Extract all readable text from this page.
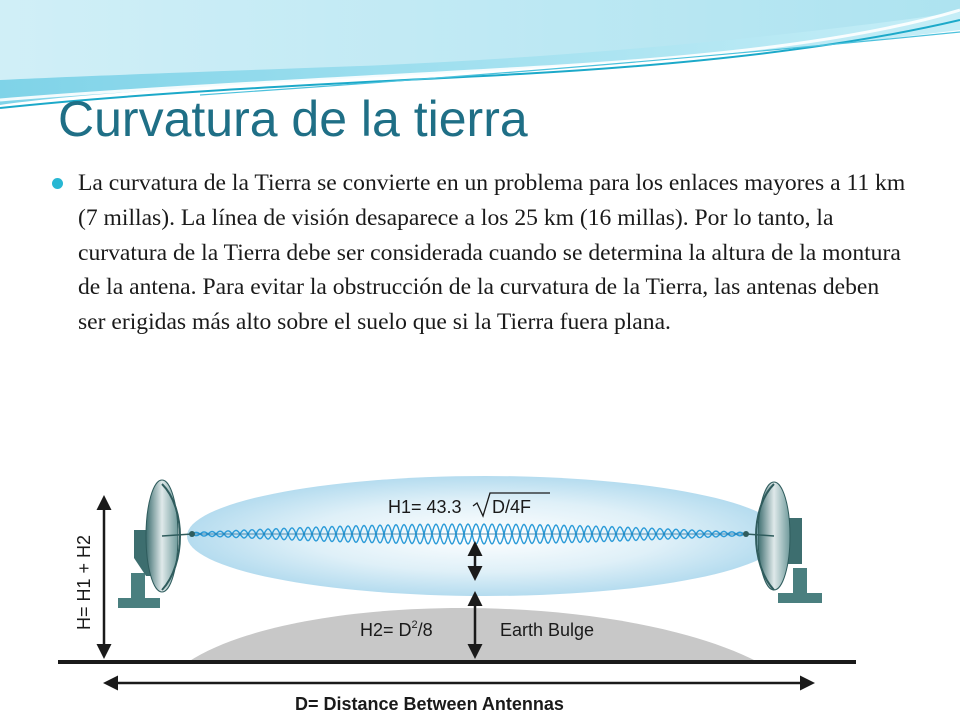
Curvatura de la tierra
La curvatura de la Tierra se convierte en un problema para los enlaces mayores a 11 km (7 millas). La línea de visión desaparece a los 25 km (16 millas). Por lo tanto, la curvatura de la Tierra debe ser considerada cuando se determina la altura de la montura de la antena. Para evitar la obstrucción de la curvatura de la Tierra, las antenas deben ser erigidas más alto sobre el suelo que si la Tierra fuera plana.
H1= 43.3 D/4F
$H2= D^2/8$	Earth Bulge
H= H1 + H2
D= Distance Between Antennas
